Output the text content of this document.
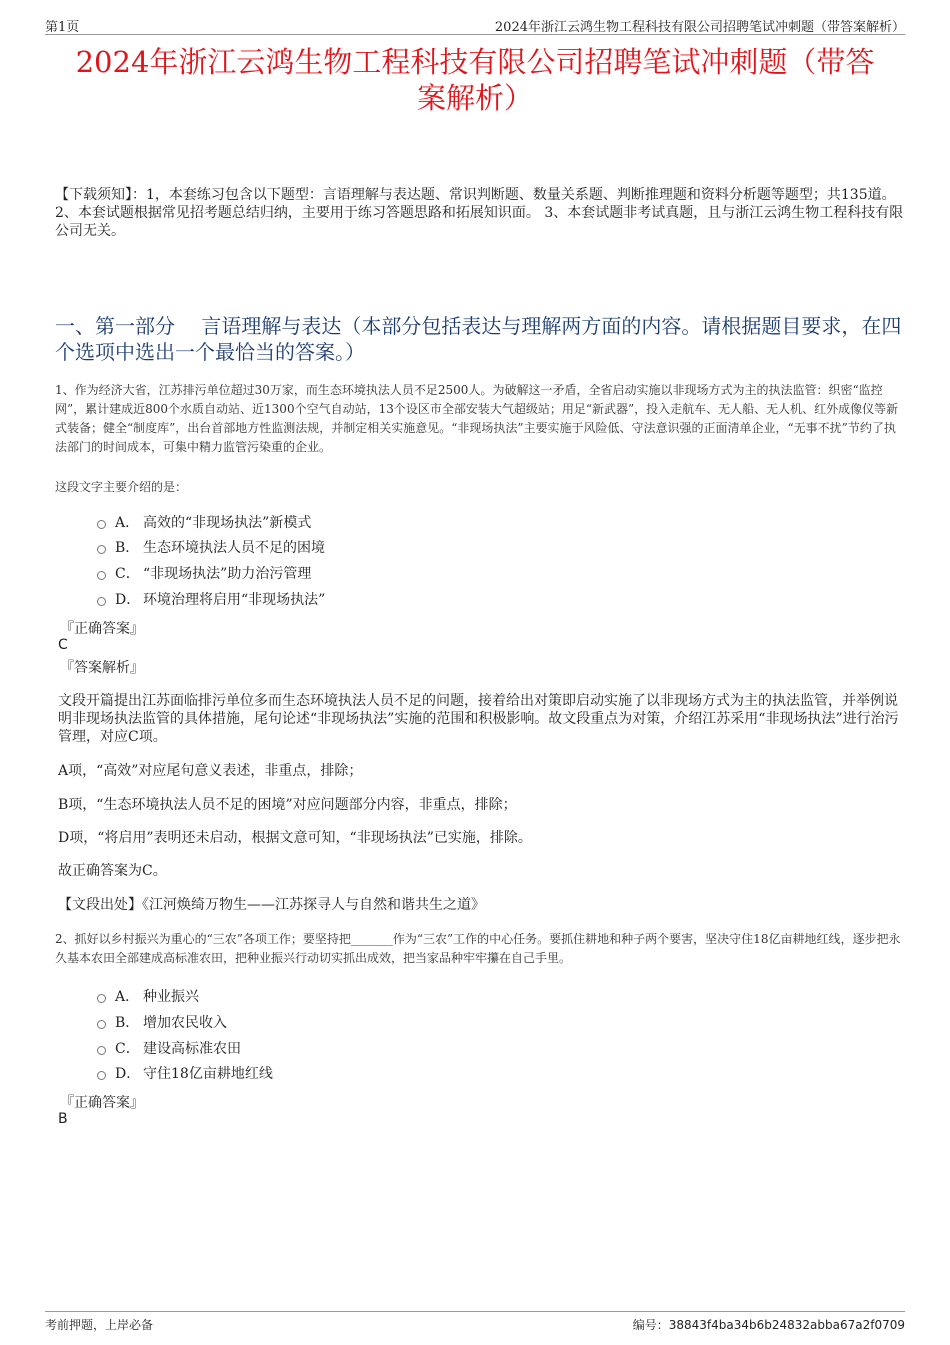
第1页	2024年浙江云鸿生物工程科技有限公司招聘笔试冲刺题（带答案解析）
2024年浙江云鸿生物工程科技有限公司招聘笔试冲刺题（带答
案解析）
【下载须知】：1，本套练习包含以下题型：言语理解与表达题、常识判断题、数量关系题、判断推理题和资料分析题等题型；共135道。 2、本套试题根据常见招考题总结归纳，主要用于练习答题思路和拓展知识面。 3、本套试题非考试真题，且与浙江云鸿生物工程科技有限公司无关。
一、第一部分　 言语理解与表达（本部分包括表达与理解两方面的内容。请根据题目要求，在四个选项中选出一个最恰当的答案。）
1、作为经济大省，江苏排污单位超过30万家，而生态环境执法人员不足2500人。为破解这一矛盾，全省启动实施以非现场方式为主的执法监管：织密“监控网”，累计建成近800个水质自动站、近1300个空气自动站，13个设区市全部安装大气超级站；用足“新武器”，投入走航车、无人船、无人机、红外成像仪等新式装备；健全“制度库”，出台首部地方性监测法规，并制定相关实施意见。“非现场执法”主要实施于风险低、守法意识强的正面清单企业，“无事不扰”节约了执法部门的时间成本，可集中精力监管污染重的企业。
这段文字主要介绍的是：
A． 高效的“非现场执法”新模式
B． 生态环境执法人员不足的困境
C． “非现场执法”助力治污管理
D． 环境治理将启用“非现场执法”
『正确答案』
C
『答案解析』
文段开篇提出江苏面临排污单位多而生态环境执法人员不足的问题，接着给出对策即启动实施了以非现场方式为主的执法监管，并举例说明非现场执法监管的具体措施，尾句论述“非现场执法”实施的范围和积极影响。故文段重点为对策，介绍江苏采用“非现场执法”进行治污管理，对应C项。
A项，“高效”对应尾句意义表述，非重点，排除；
B项，“生态环境执法人员不足的困境”对应问题部分内容，非重点，排除；
D项，“将启用”表明还未启动，根据文意可知，“非现场执法”已实施，排除。
故正确答案为C。
【文段出处】《江河焕绮万物生——江苏探寻人与自然和谐共生之道》
2、抓好以乡村振兴为重心的“三农”各项工作；要坚持把_______作为“三农”工作的中心任务。要抓住耕地和种子两个要害，坚决守住18亿亩耕地红线，逐步把永久基本农田全部建成高标准农田，把种业振兴行动切实抓出成效，把当家品种牢牢攥在自己手里。
A． 种业振兴
B． 增加农民收入
C． 建设高标准农田
D． 守住18亿亩耕地红线
『正确答案』
B
考前押题，上岸必备	编号：38843f4ba34b6b24832abba67a2f0709
